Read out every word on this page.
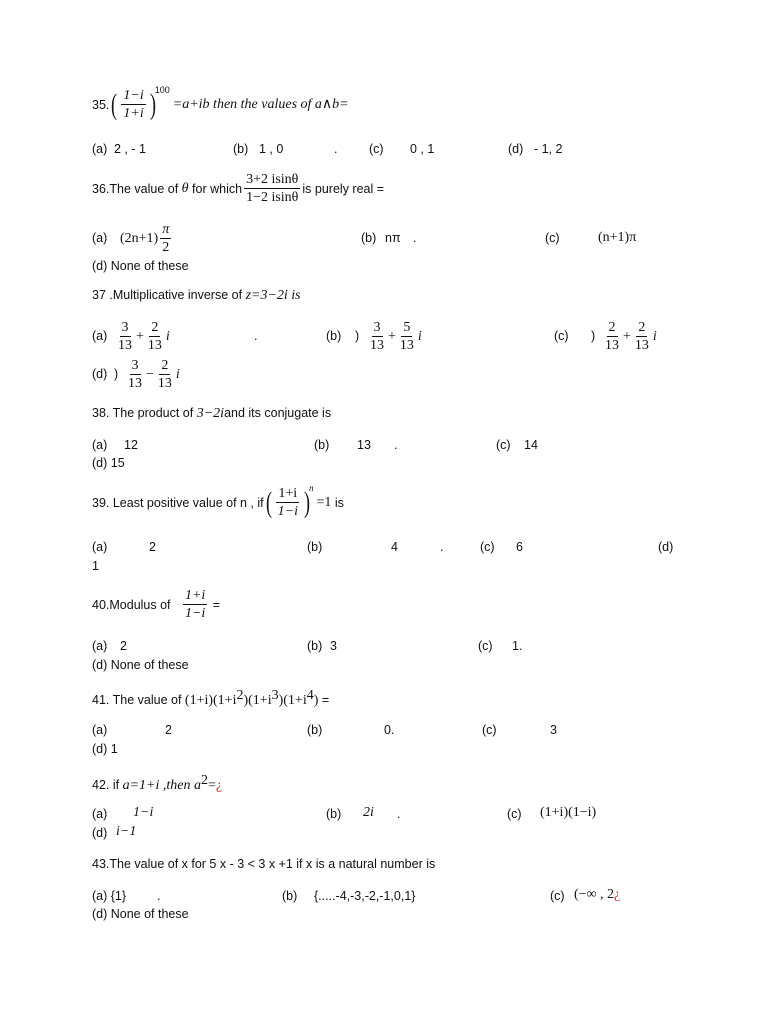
35. ( $\frac{1-i}{1+i} )^{100}$
=a+ib then the values of a∧b=
(a) 2 , - 1	(b) 1 , 0	.	(c) 0 , 1	(d) - 1, 2
36.The value of
θ
for which $\frac{3+2 isin\theta}{1-2 isin\theta}$ is purely real =
(a) $(2n+1) \frac{\pi}{2}$	(b) nπ .	(c)	(n+1)π
(d) None of these
37 .Multiplicative inverse of z=3−2i is
$(a) \frac{3}{13} + \frac{2}{13}$ i	.	(b) ) $\frac{3}{13} + \frac{5}{13}$ i	(c) ) $\frac{2}{13} + \frac{2}{13}$ i
(d) ) $\frac{3}{13} - \frac{2}{13}$ i
38. The product of 3−2iand its conjugate is
(a) 12	(b) 13 .	(c) 14
(d) 15
39. Least positive value of n , if ( $\frac{1+i}{1-i} )^n$
=1
is
(a)	2	(b)	4	.	(c) 6	(d)
1
40.Modulus of
$\frac{1+i}{1-i}$
=
(a) 2	(b) 3	(c) 1.
(d) None of these
41. The value of $(1+i)(1+i^2)(1+i^3)(1+i^4)$ =
(a)	2	(b)	0.	(c)	3
(d) 1
42. if a=1+i ,then $a^2=¿$
(a) 1−i	(b) 2i .	(c) (1+i)(1−i)
(d) i−1
43.The value of x for 5 x - 3 < 3 x +1 if x is a natural number is
(a) {1} .	(b) {.....-4,-3,-2,-1,0,1}	(c) (−∞ , 2¿
(d) None of these
